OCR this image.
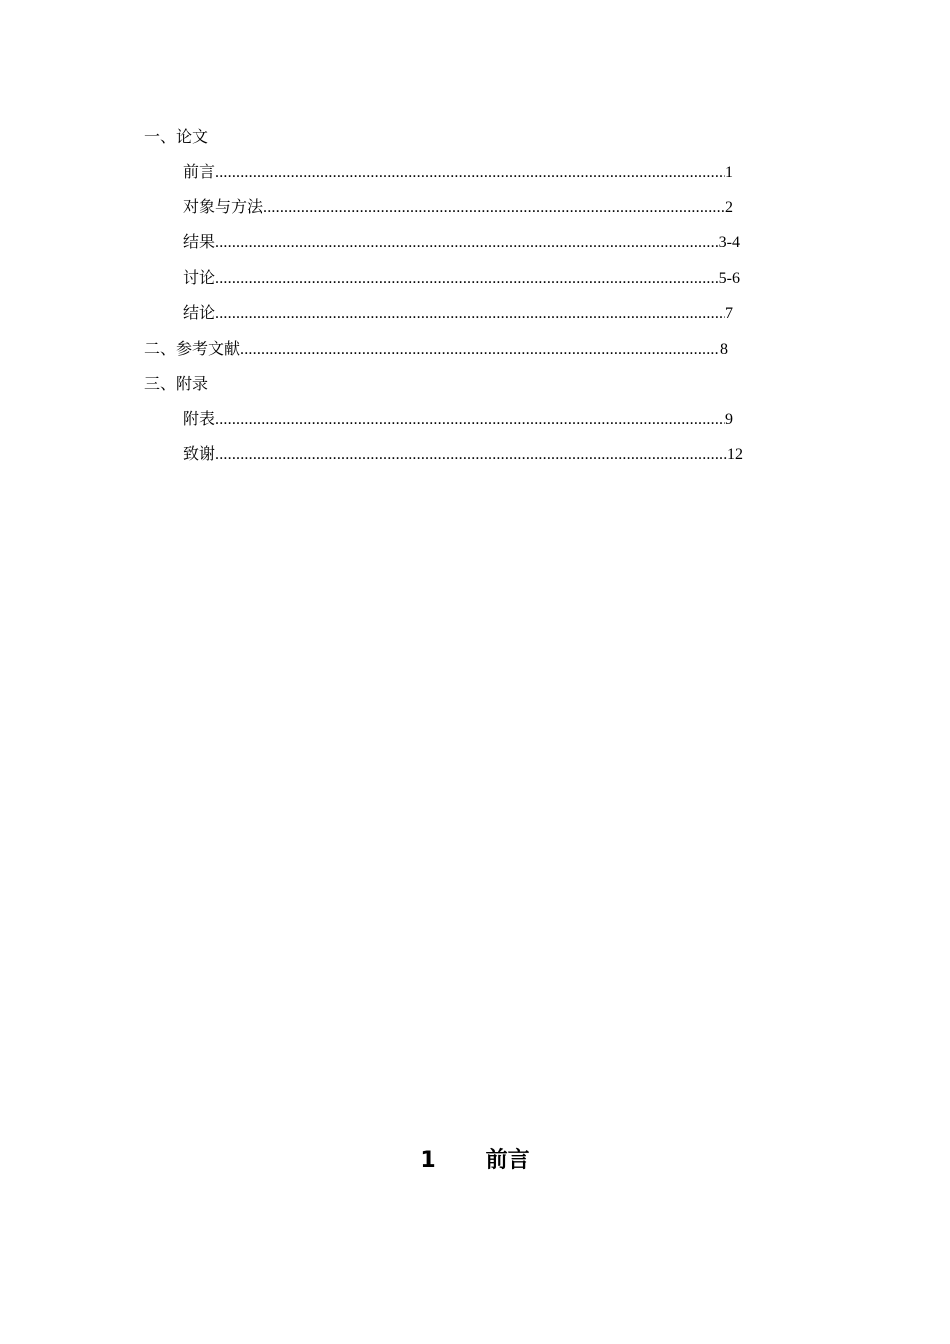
一、论文
前言 .....	1
对象与方法 .....	2
结果 .....	3-4
讨论 .....	5-6
结论 .....	7
二、参考文献 .....	8
三、附录
附表 .....	9
致谢 .....	12
1 前言
